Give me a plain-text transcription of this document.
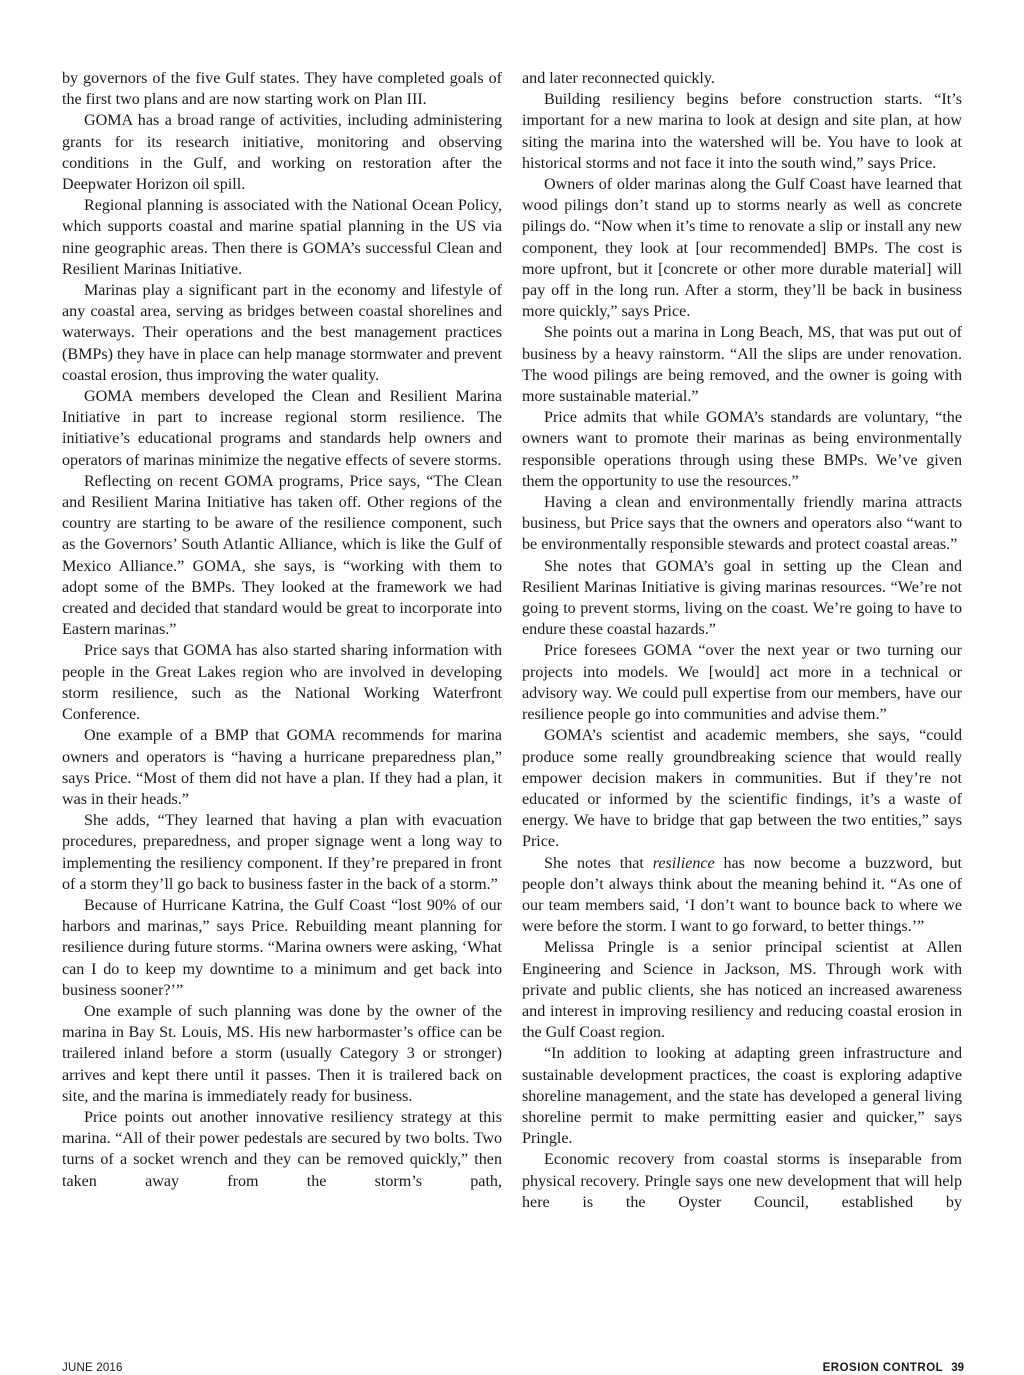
by governors of the five Gulf states. They have completed goals of the first two plans and are now starting work on Plan III.

GOMA has a broad range of activities, including administering grants for its research initiative, monitoring and observing conditions in the Gulf, and working on restoration after the Deepwater Horizon oil spill.

Regional planning is associated with the National Ocean Policy, which supports coastal and marine spatial planning in the US via nine geographic areas. Then there is GOMA’s successful Clean and Resilient Marinas Initiative.

Marinas play a significant part in the economy and lifestyle of any coastal area, serving as bridges between coastal shorelines and waterways. Their operations and the best management practices (BMPs) they have in place can help manage stormwater and prevent coastal erosion, thus improving the water quality.

GOMA members developed the Clean and Resilient Marina Initiative in part to increase regional storm resilience. The initiative’s educational programs and standards help owners and operators of marinas minimize the negative effects of severe storms.

Reflecting on recent GOMA programs, Price says, “The Clean and Resilient Marina Initiative has taken off. Other regions of the country are starting to be aware of the resilience component, such as the Governors’ South Atlantic Alliance, which is like the Gulf of Mexico Alliance.” GOMA, she says, is “working with them to adopt some of the BMPs. They looked at the framework we had created and decided that standard would be great to incorporate into Eastern marinas.”

Price says that GOMA has also started sharing information with people in the Great Lakes region who are involved in developing storm resilience, such as the National Working Waterfront Conference.

One example of a BMP that GOMA recommends for marina owners and operators is “having a hurricane preparedness plan,” says Price. “Most of them did not have a plan. If they had a plan, it was in their heads.”

She adds, “They learned that having a plan with evacuation procedures, preparedness, and proper signage went a long way to implementing the resiliency component. If they’re prepared in front of a storm they’ll go back to business faster in the back of a storm.”

Because of Hurricane Katrina, the Gulf Coast “lost 90% of our harbors and marinas,” says Price. Rebuilding meant planning for resilience during future storms. “Marina owners were asking, ‘What can I do to keep my downtime to a minimum and get back into business sooner?’”

One example of such planning was done by the owner of the marina in Bay St. Louis, MS. His new harbormaster’s office can be trailered inland before a storm (usually Category 3 or stronger) arrives and kept there until it passes. Then it is trailered back on site, and the marina is immediately ready for business.

Price points out another innovative resiliency strategy at this marina. “All of their power pedestals are secured by two bolts. Two turns of a socket wrench and they can be removed quickly,” then taken away from the storm’s path,

and later reconnected quickly.

Building resiliency begins before construction starts. “It’s important for a new marina to look at design and site plan, at how siting the marina into the watershed will be. You have to look at historical storms and not face it into the south wind,” says Price.

Owners of older marinas along the Gulf Coast have learned that wood pilings don’t stand up to storms nearly as well as concrete pilings do. “Now when it’s time to renovate a slip or install any new component, they look at [our recommended] BMPs. The cost is more upfront, but it [concrete or other more durable material] will pay off in the long run. After a storm, they’ll be back in business more quickly,” says Price.

She points out a marina in Long Beach, MS, that was put out of business by a heavy rainstorm. “All the slips are under renovation. The wood pilings are being removed, and the owner is going with more sustainable material.”

Price admits that while GOMA’s standards are voluntary, “the owners want to promote their marinas as being environmentally responsible operations through using these BMPs. We’ve given them the opportunity to use the resources.”

Having a clean and environmentally friendly marina attracts business, but Price says that the owners and operators also “want to be environmentally responsible stewards and protect coastal areas.”

She notes that GOMA’s goal in setting up the Clean and Resilient Marinas Initiative is giving marinas resources. “We’re not going to prevent storms, living on the coast. We’re going to have to endure these coastal hazards.”

Price foresees GOMA “over the next year or two turning our projects into models. We [would] act more in a technical or advisory way. We could pull expertise from our members, have our resilience people go into communities and advise them.”

GOMA’s scientist and academic members, she says, “could produce some really groundbreaking science that would really empower decision makers in communities. But if they’re not educated or informed by the scientific findings, it’s a waste of energy. We have to bridge that gap between the two entities,” says Price.

She notes that resilience has now become a buzzword, but people don’t always think about the meaning behind it. “As one of our team members said, ‘I don’t want to bounce back to where we were before the storm. I want to go forward, to better things.’”

Melissa Pringle is a senior principal scientist at Allen Engineering and Science in Jackson, MS. Through work with private and public clients, she has noticed an increased awareness and interest in improving resiliency and reducing coastal erosion in the Gulf Coast region.

“In addition to looking at adapting green infrastructure and sustainable development practices, the coast is exploring adaptive shoreline management, and the state has developed a general living shoreline permit to make permitting easier and quicker,” says Pringle.

Economic recovery from coastal storms is inseparable from physical recovery. Pringle says one new development that will help here is the Oyster Council, established by

JUNE 2016	EROSION CONTROL 39
